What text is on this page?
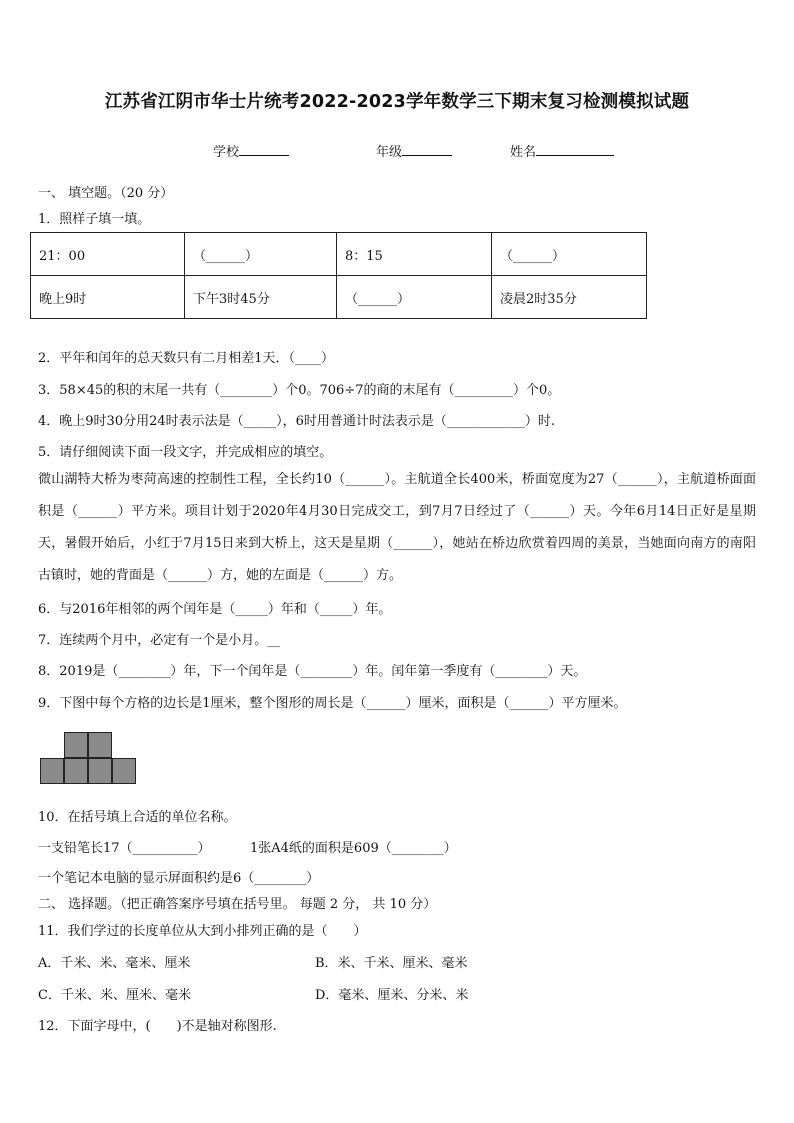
江苏省江阴市华士片统考2022-2023学年数学三下期末复习检测模拟试题
学校	年级	姓名
一、 填空题。（20 分）
1．照样子填一填。
21：00	（______）	8：15	（______）
晚上9时	下午3时45分	（______）	凌晨2时35分
2．平年和闰年的总天数只有二月相差1天．（____）
3．58×45的积的末尾一共有（________）个0。706÷7的商的末尾有（_________）个0。
4．晚上9时30分用24时表示法是（_____），6时用普通计时法表示是（____________）时.
5．请仔细阅读下面一段文字，并完成相应的填空。
微山湖特大桥为枣菏高速的控制性工程，全长约10（______）。主航道全长400米，桥面宽度为27（______），主航道桥面面积是（______）平方米。项目计划于2020年4月30日完成交工，到7月7日经过了（______）天。今年6月14日正好是星期天，暑假开始后，小红于7月15日来到大桥上，这天是星期（______），她站在桥边欣赏着四周的美景，当她面向南方的南阳古镇时，她的背面是（______）方，她的左面是（______）方。
6．与2016年相邻的两个闰年是（_____）年和（_____）年。
7．连续两个月中，必定有一个是小月。__
8．2019是（________）年，下一个闰年是（________）年。闰年第一季度有（________）天。
9．下图中每个方格的边长是1厘米，整个图形的周长是（______）厘米，面积是（______）平方厘米。
10．在括号填上合适的单位名称。
一支铅笔长17（__________）	1张A4纸的面积是609（________）
一个笔记本电脑的显示屏面积约是6（________）
二、 选择题。（把正确答案序号填在括号里。 每题 2 分， 共 10 分）
11．我们学过的长度单位从大到小排列正确的是（　　）
A．千米、米、毫米、厘米	B．米、千米、厘米、毫米
C．千米、米、厘米、毫米	D．毫米、厘米、分米、米
12．下面字母中，(　　)不是轴对称图形.
